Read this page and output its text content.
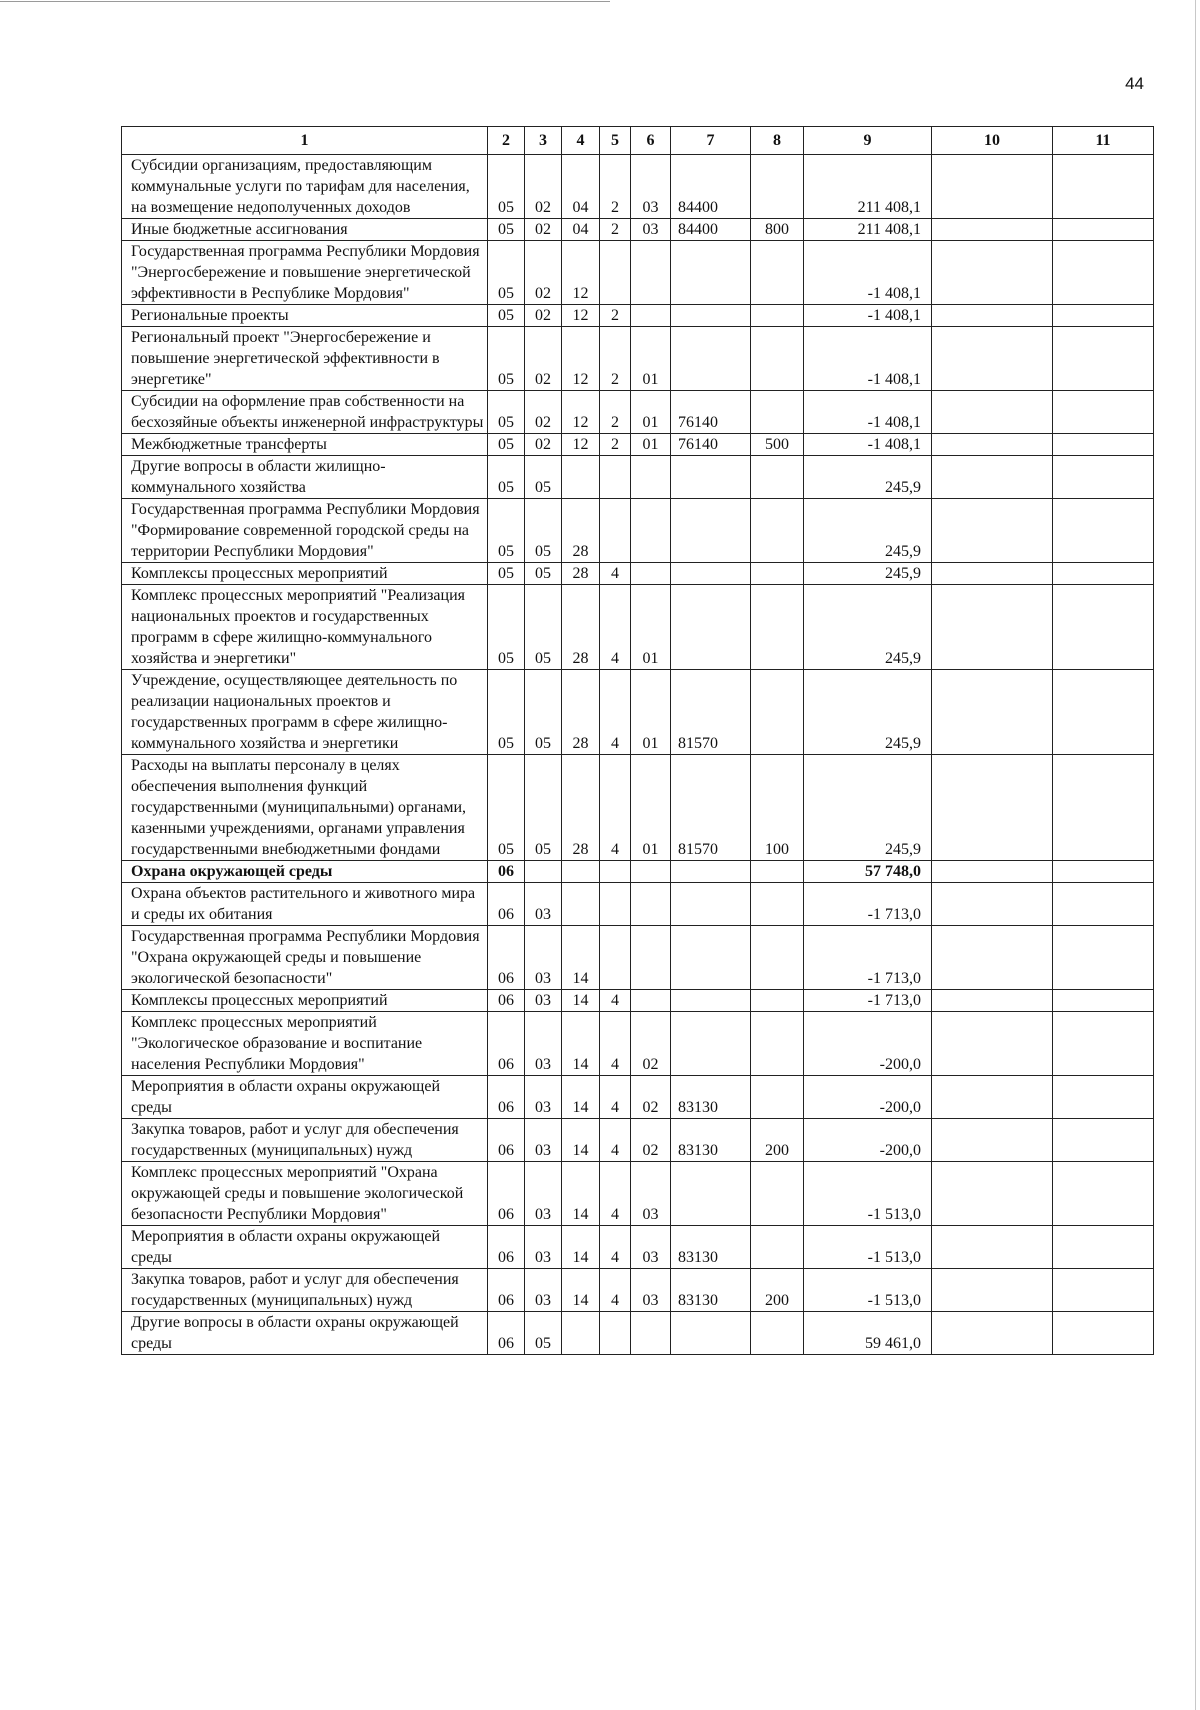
44
1	2	3	4	5	6	7	8	9	10	11
Субсидии организациям, предоставляющим коммунальные услуги по тарифам для населения, на возмещение недополученных доходов	05	02	04	2	03	84400		211 408,1		
Иные бюджетные ассигнования	05	02	04	2	03	84400	800	211 408,1		
Государственная программа Республики Мордовия "Энергосбережение и повышение энергетической эффективности в Республике Мордовия"	05	02	12					-1 408,1		
Региональные проекты	05	02	12	2				-1 408,1		
Региональный проект "Энергосбережение и повышение энергетической эффективности в энергетике"	05	02	12	2	01			-1 408,1		
Субсидии на оформление прав собственности на бесхозяйные объекты инженерной инфраструктуры	05	02	12	2	01	76140		-1 408,1		
Межбюджетные трансферты	05	02	12	2	01	76140	500	-1 408,1		
Другие вопросы в области жилищно-коммунального хозяйства	05	05						245,9		
Государственная программа Республики Мордовия "Формирование современной городской среды на территории Республики Мордовия"	05	05	28					245,9		
Комплексы процессных мероприятий	05	05	28	4				245,9		
Комплекс процессных мероприятий "Реализация национальных проектов и государственных программ в сфере жилищно-коммунального хозяйства и энергетики"	05	05	28	4	01			245,9		
Учреждение, осуществляющее деятельность по реализации национальных проектов и государственных программ в сфере жилищно-коммунального хозяйства и энергетики	05	05	28	4	01	81570		245,9		
Расходы на выплаты персоналу в целях обеспечения выполнения функций государственными (муниципальными) органами, казенными учреждениями, органами управления государственными внебюджетными фондами	05	05	28	4	01	81570	100	245,9		
Охрана окружающей среды	06							57 748,0		
Охрана объектов растительного и животного мира и среды их обитания	06	03						-1 713,0		
Государственная программа Республики Мордовия "Охрана окружающей среды и повышение экологической безопасности"	06	03	14					-1 713,0		
Комплексы процессных мероприятий	06	03	14	4				-1 713,0		
Комплекс процессных мероприятий "Экологическое образование и воспитание населения Республики Мордовия"	06	03	14	4	02			-200,0		
Мероприятия в области охраны окружающей среды	06	03	14	4	02	83130		-200,0		
Закупка товаров, работ и услуг для обеспечения государственных (муниципальных) нужд	06	03	14	4	02	83130	200	-200,0		
Комплекс процессных мероприятий "Охрана окружающей среды и повышение экологической безопасности Республики Мордовия"	06	03	14	4	03			-1 513,0		
Мероприятия в области охраны окружающей среды	06	03	14	4	03	83130		-1 513,0		
Закупка товаров, работ и услуг для обеспечения государственных (муниципальных) нужд	06	03	14	4	03	83130	200	-1 513,0		
Другие вопросы в области охраны окружающей среды	06	05						59 461,0		
